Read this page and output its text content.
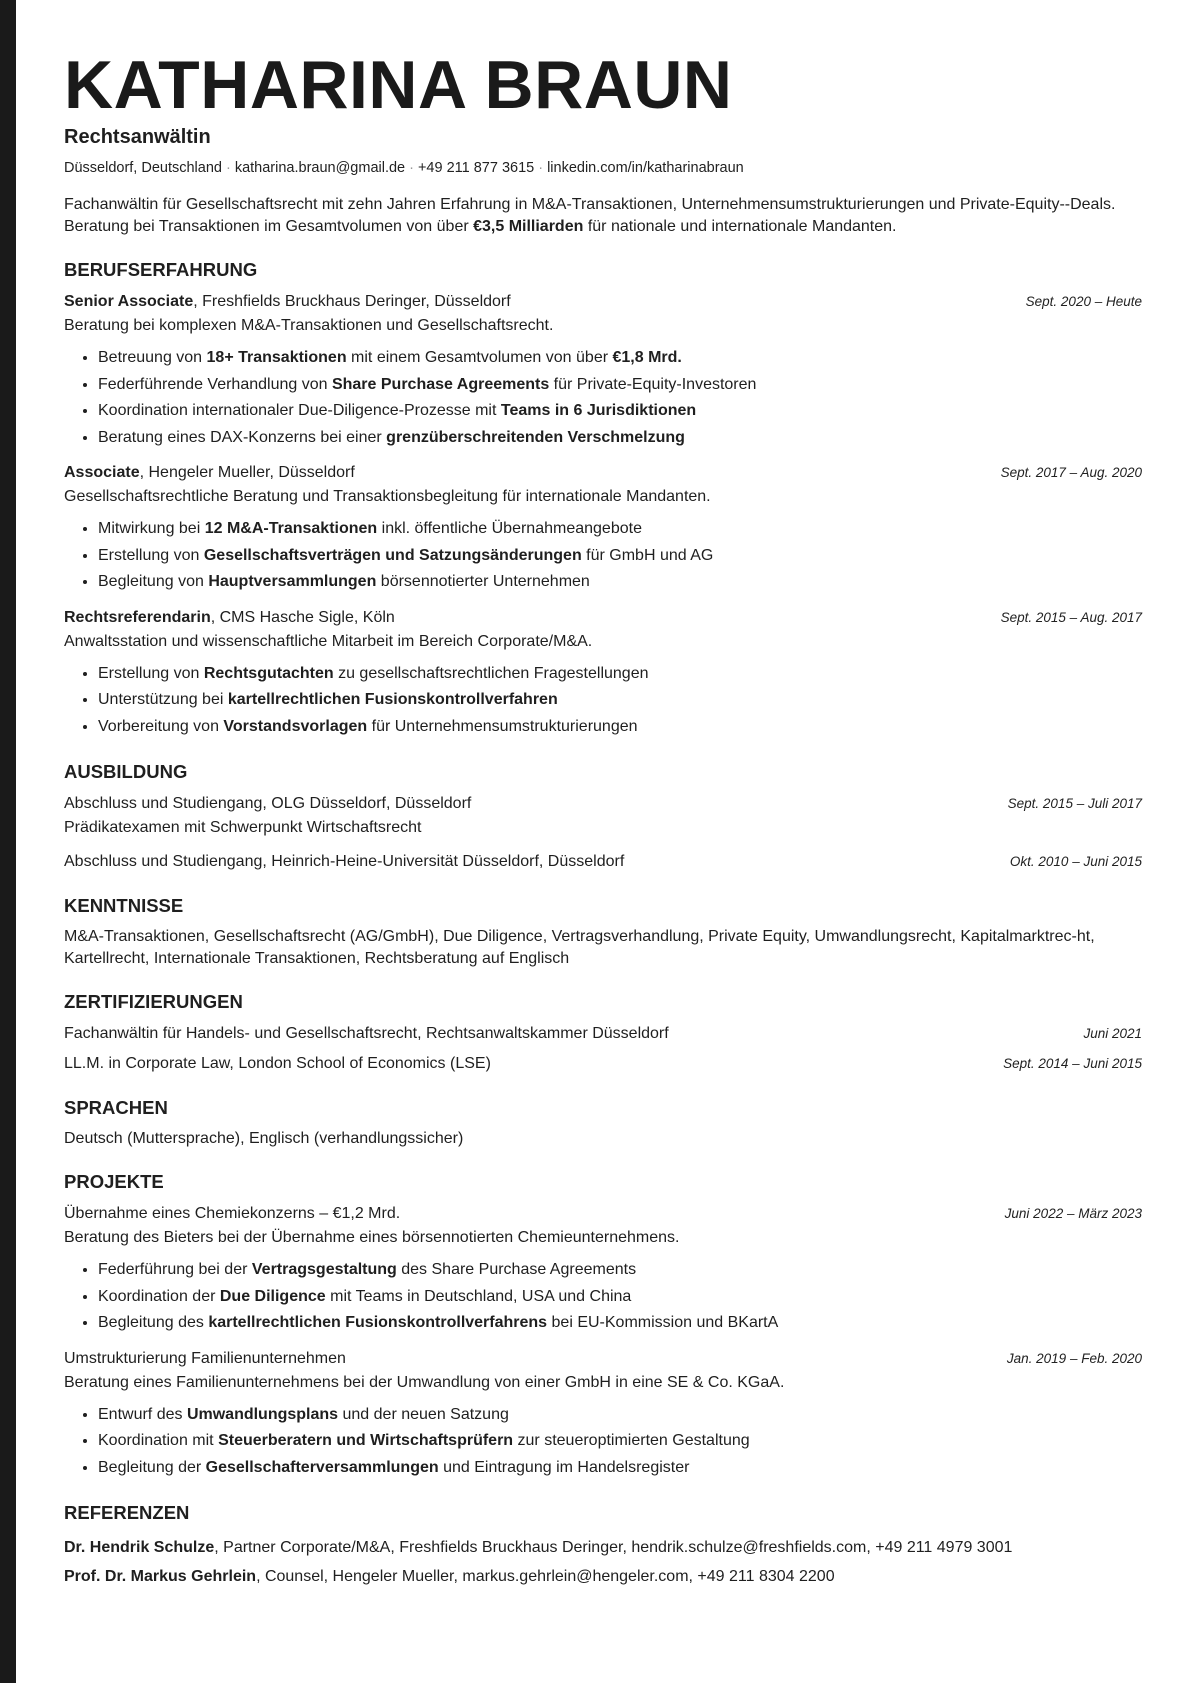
KATHARINA BRAUN
Rechtsanwältin
Düsseldorf, Deutschland · katharina.braun@gmail.de · +49 211 877 3615 · linkedin.com/in/katharinabraun
Fachanwältin für Gesellschaftsrecht mit zehn Jahren Erfahrung in M&A-Transaktionen, Unternehmensumstrukturierungen und Private-Equity--Deals. Beratung bei Transaktionen im Gesamtvolumen von über €3,5 Milliarden für nationale und internationale Mandanten.
BERUFSERFAHRUNG
Senior Associate, Freshfields Bruckhaus Deringer, Düsseldorf	Sept. 2020 – Heute
Beratung bei komplexen M&A-Transaktionen und Gesellschaftsrecht.
• Betreuung von 18+ Transaktionen mit einem Gesamtvolumen von über €1,8 Mrd.
• Federführende Verhandlung von Share Purchase Agreements für Private-Equity-Investoren
• Koordination internationaler Due-Diligence-Prozesse mit Teams in 6 Jurisdiktionen
• Beratung eines DAX-Konzerns bei einer grenzüberschreitenden Verschmelzung
Associate, Hengeler Mueller, Düsseldorf	Sept. 2017 – Aug. 2020
Gesellschaftsrechtliche Beratung und Transaktionsbegleitung für internationale Mandanten.
• Mitwirkung bei 12 M&A-Transaktionen inkl. öffentliche Übernahmeangebote
• Erstellung von Gesellschaftsverträgen und Satzungsänderungen für GmbH und AG
• Begleitung von Hauptversammlungen börsennotierter Unternehmen
Rechtsreferendarin, CMS Hasche Sigle, Köln	Sept. 2015 – Aug. 2017
Anwaltsstation und wissenschaftliche Mitarbeit im Bereich Corporate/M&A.
• Erstellung von Rechtsgutachten zu gesellschaftsrechtlichen Fragestellungen
• Unterstützung bei kartellrechtlichen Fusionskontrollverfahren
• Vorbereitung von Vorstandsvorlagen für Unternehmensumstrukturierungen
AUSBILDUNG
Abschluss und Studiengang, OLG Düsseldorf, Düsseldorf	Sept. 2015 – Juli 2017
Prädikatexamen mit Schwerpunkt Wirtschaftsrecht
Abschluss und Studiengang, Heinrich-Heine-Universität Düsseldorf, Düsseldorf	Okt. 2010 – Juni 2015
KENNTNISSE
M&A-Transaktionen, Gesellschaftsrecht (AG/GmbH), Due Diligence, Vertragsverhandlung, Private Equity, Umwandlungsrecht, Kapitalmarktrec-ht, Kartellrecht, Internationale Transaktionen, Rechtsberatung auf Englisch
ZERTIFIZIERUNGEN
Fachanwältin für Handels- und Gesellschaftsrecht, Rechtsanwaltskammer Düsseldorf	Juni 2021
LL.M. in Corporate Law, London School of Economics (LSE)	Sept. 2014 – Juni 2015
SPRACHEN
Deutsch (Muttersprache), Englisch (verhandlungssicher)
PROJEKTE
Übernahme eines Chemiekonzerns – €1,2 Mrd.	Juni 2022 – März 2023
Beratung des Bieters bei der Übernahme eines börsennotierten Chemieunternehmens.
• Federführung bei der Vertragsgestaltung des Share Purchase Agreements
• Koordination der Due Diligence mit Teams in Deutschland, USA und China
• Begleitung des kartellrechtlichen Fusionskontrollverfahrens bei EU-Kommission und BKartA
Umstrukturierung Familienunternehmen	Jan. 2019 – Feb. 2020
Beratung eines Familienunternehmens bei der Umwandlung von einer GmbH in eine SE & Co. KGaA.
• Entwurf des Umwandlungsplans und der neuen Satzung
• Koordination mit Steuerberatern und Wirtschaftsprüfern zur steueroptimierten Gestaltung
• Begleitung der Gesellschafterversammlungen und Eintragung im Handelsregister
REFERENZEN
Dr. Hendrik Schulze, Partner Corporate/M&A, Freshfields Bruckhaus Deringer, hendrik.schulze@freshfields.com, +49 211 4979 3001
Prof. Dr. Markus Gehrlein, Counsel, Hengeler Mueller, markus.gehrlein@hengeler.com, +49 211 8304 2200
